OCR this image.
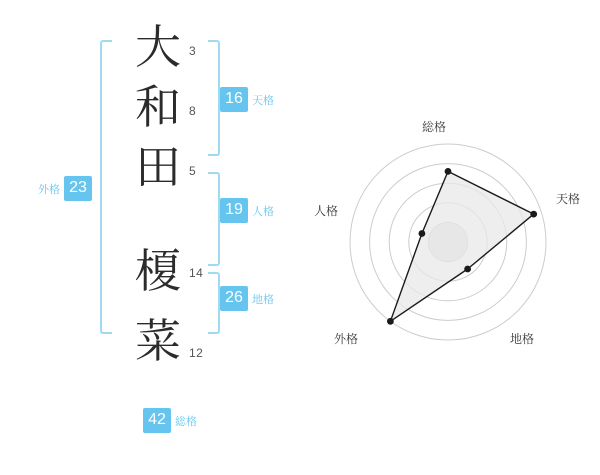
大
和
田
榎
菜
3
8
5
14
12
16 天格
19 人格
26 地格
23
外格
42 総格
総格
天格
地格
外格
人格
